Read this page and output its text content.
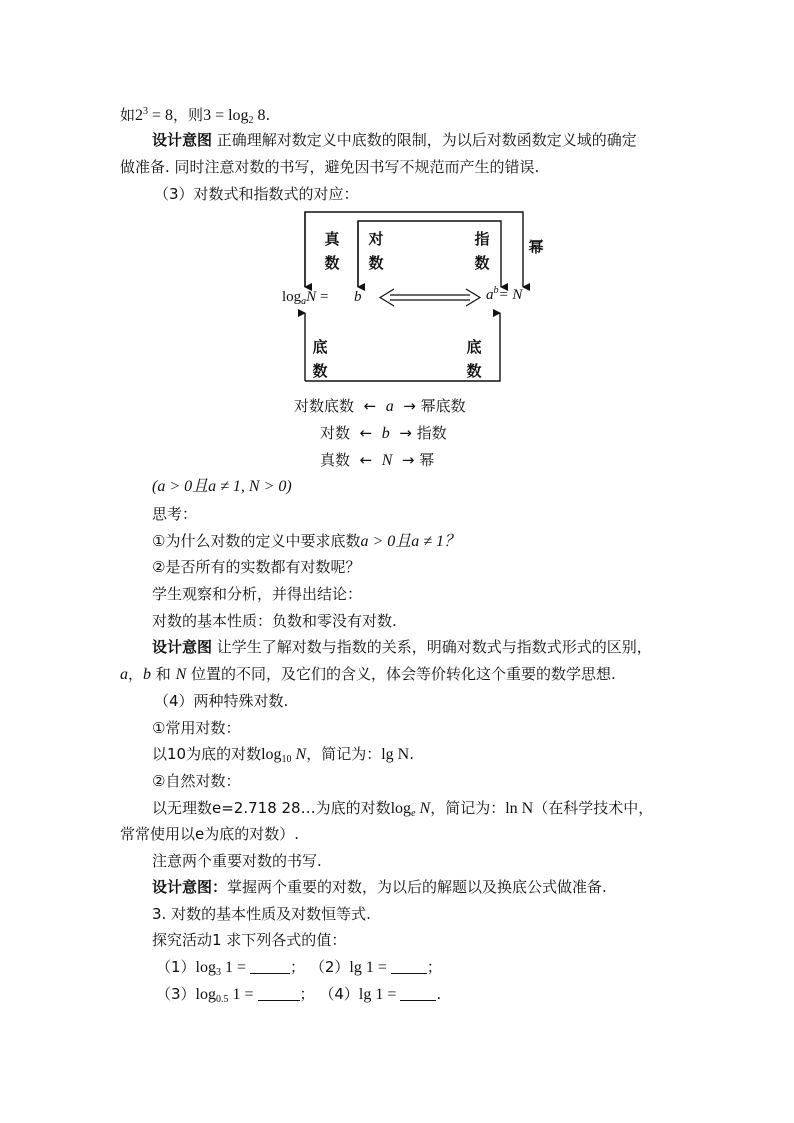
如$2^3 = 8$，则$3 = \log_2 8$.
设计意图 正确理解对数定义中底数的限制，为以后对数函数定义域的确定
做准备. 同时注意对数的书写，避免因书写不规范而产生的错误.
（3）对数式和指数式的对应：
真
数
对
数
指
数
幂
$\log_aN = b$	$a^b= N$
底
数
底
数
对数底数 ← a → 幂底数
对数 ← b → 指数
真数 ← N → 幂
(a > 0且a ≠ 1, N > 0)
思考：
①为什么对数的定义中要求底数a > 0且a ≠ 1？
②是否所有的实数都有对数呢？
学生观察和分析，并得出结论：
对数的基本性质：负数和零没有对数.
设计意图 让学生了解对数与指数的关系，明确对数式与指数式形式的区别，
a，b 和 N 位置的不同，及它们的含义，体会等价转化这个重要的数学思想.
（4）两种特殊对数.
①常用对数：
以10为底的对数$\log_{10} N$，简记为：lg N.
②自然对数：
以无理数e=2.718 28…为底的对数$\log_e N$，简记为：ln N（在科学技术中，
常常使用以e为底的对数）.
注意两个重要对数的书写.
设计意图：掌握两个重要的对数，为以后的解题以及换底公式做准备.
3. 对数的基本性质及对数恒等式.
探究活动1 求下列各式的值：
$(1)\log_3$ 1 =	； （2）lg 1 = ；
$(3)\log_{0.5}$ 1 =	； （4）lg 1 = .
